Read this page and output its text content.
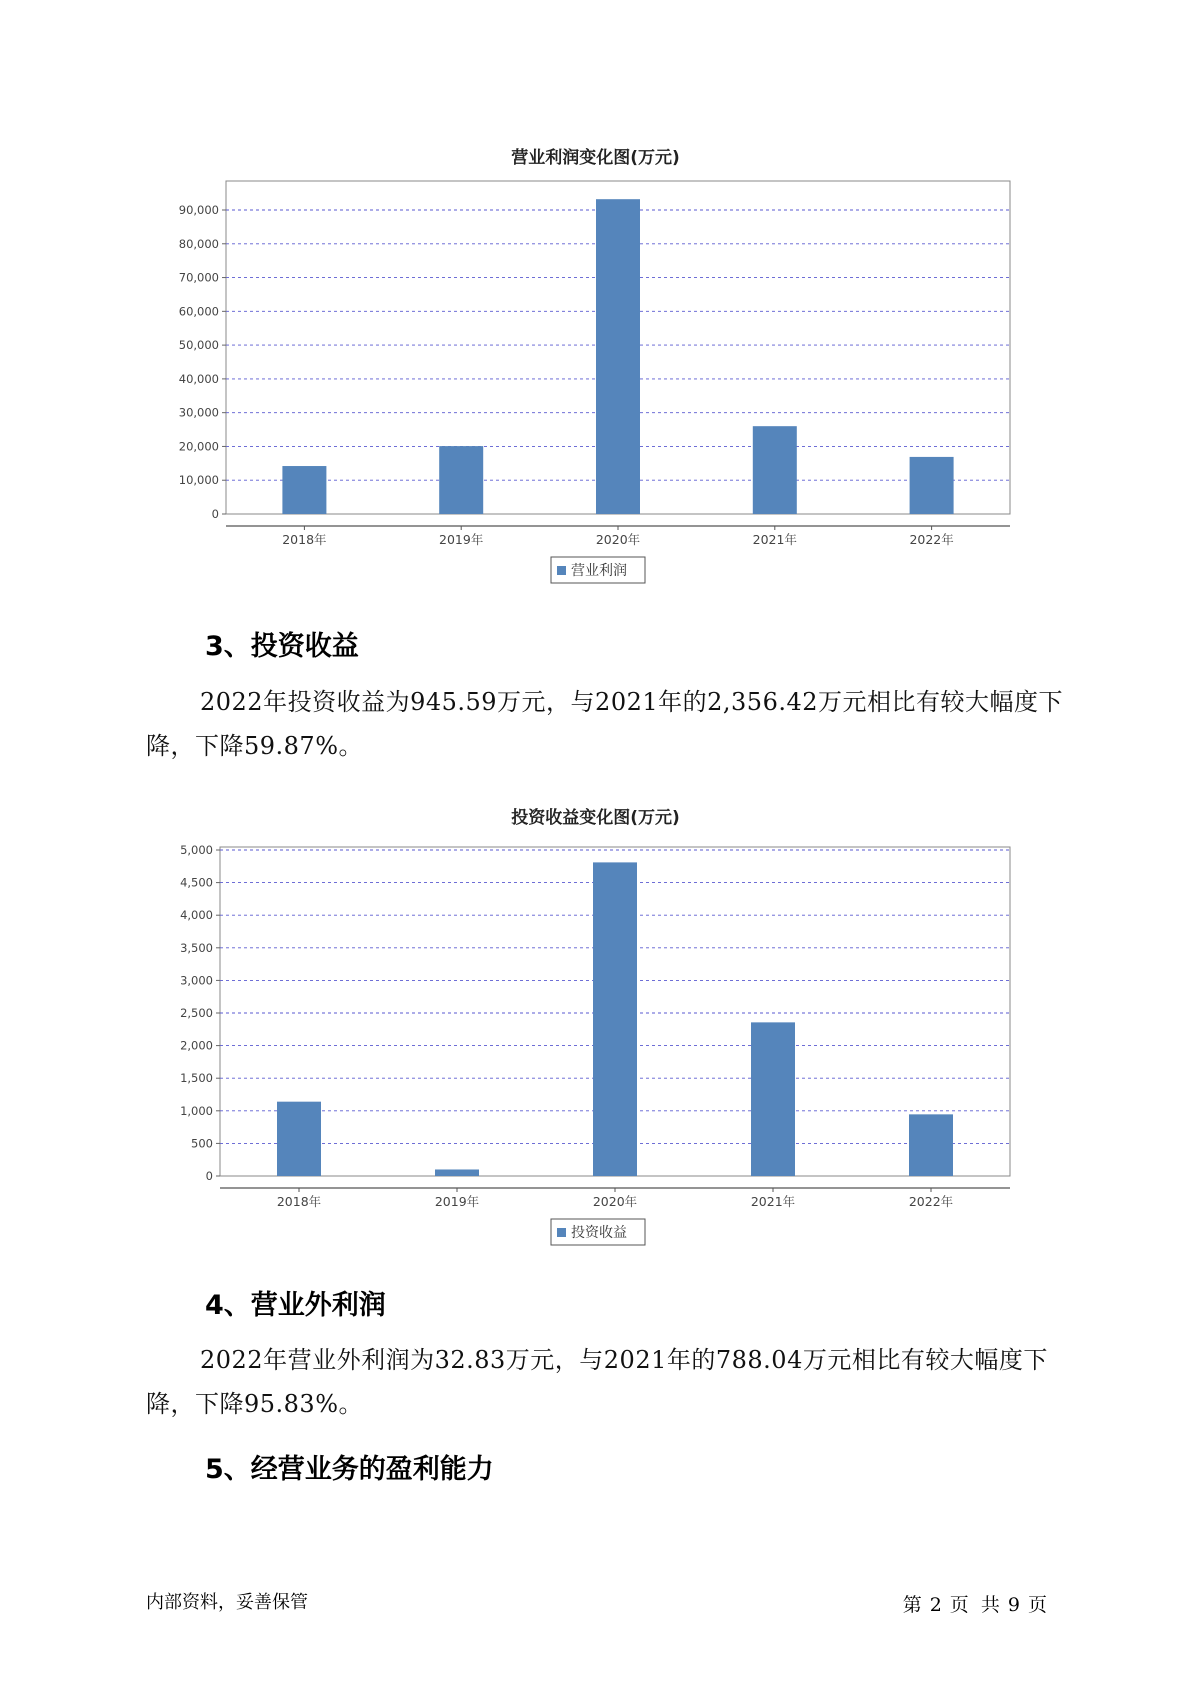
营业利润变化图(万元)
0
10,000
20,000
30,000
40,000
50,000
60,000
70,000
80,000
90,000
2018年	2019年	2020年	2021年	2022年
营业利润
3、投资收益
2022年投资收益为945.59万元，与2021年的2,356.42万元相比有较大幅度下降，下降59.87%。
投资收益变化图(万元)
0
500
1,000
1,500
2,000
2,500
3,000
3,500
4,000
4,500
5,000
2018年	2019年	2020年	2021年	2022年
投资收益
4、营业外利润
2022年营业外利润为32.83万元，与2021年的788.04万元相比有较大幅度下降，下降95.83%。
5、经营业务的盈利能力
内部资料，妥善保管	第 2 页  共 9 页
